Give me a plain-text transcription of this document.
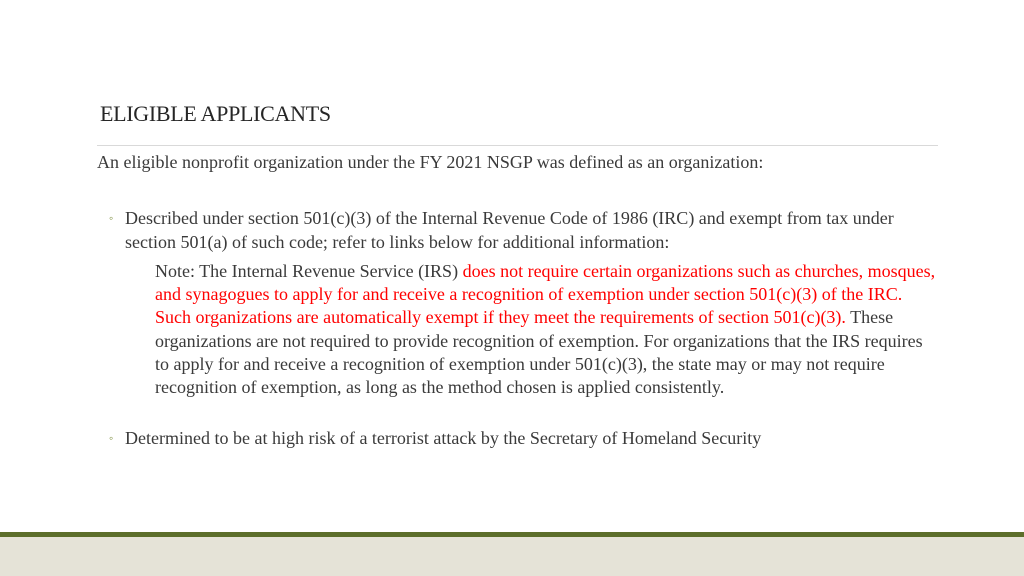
ELIGIBLE APPLICANTS

An eligible nonprofit organization under the FY 2021 NSGP was defined as an organization:

◦ Described under section 501(c)(3) of the Internal Revenue Code of 1986 (IRC) and exempt from tax under section 501(a) of such code; refer to links below for additional information:

Note: The Internal Revenue Service (IRS) does not require certain organizations such as churches, mosques, and synagogues to apply for and receive a recognition of exemption under section 501(c)(3) of the IRC. Such organizations are automatically exempt if they meet the requirements of section 501(c)(3). These organizations are not required to provide recognition of exemption. For organizations that the IRS requires to apply for and receive a recognition of exemption under 501(c)(3), the state may or may not require recognition of exemption, as long as the method chosen is applied consistently.

◦ Determined to be at high risk of a terrorist attack by the Secretary of Homeland Security
